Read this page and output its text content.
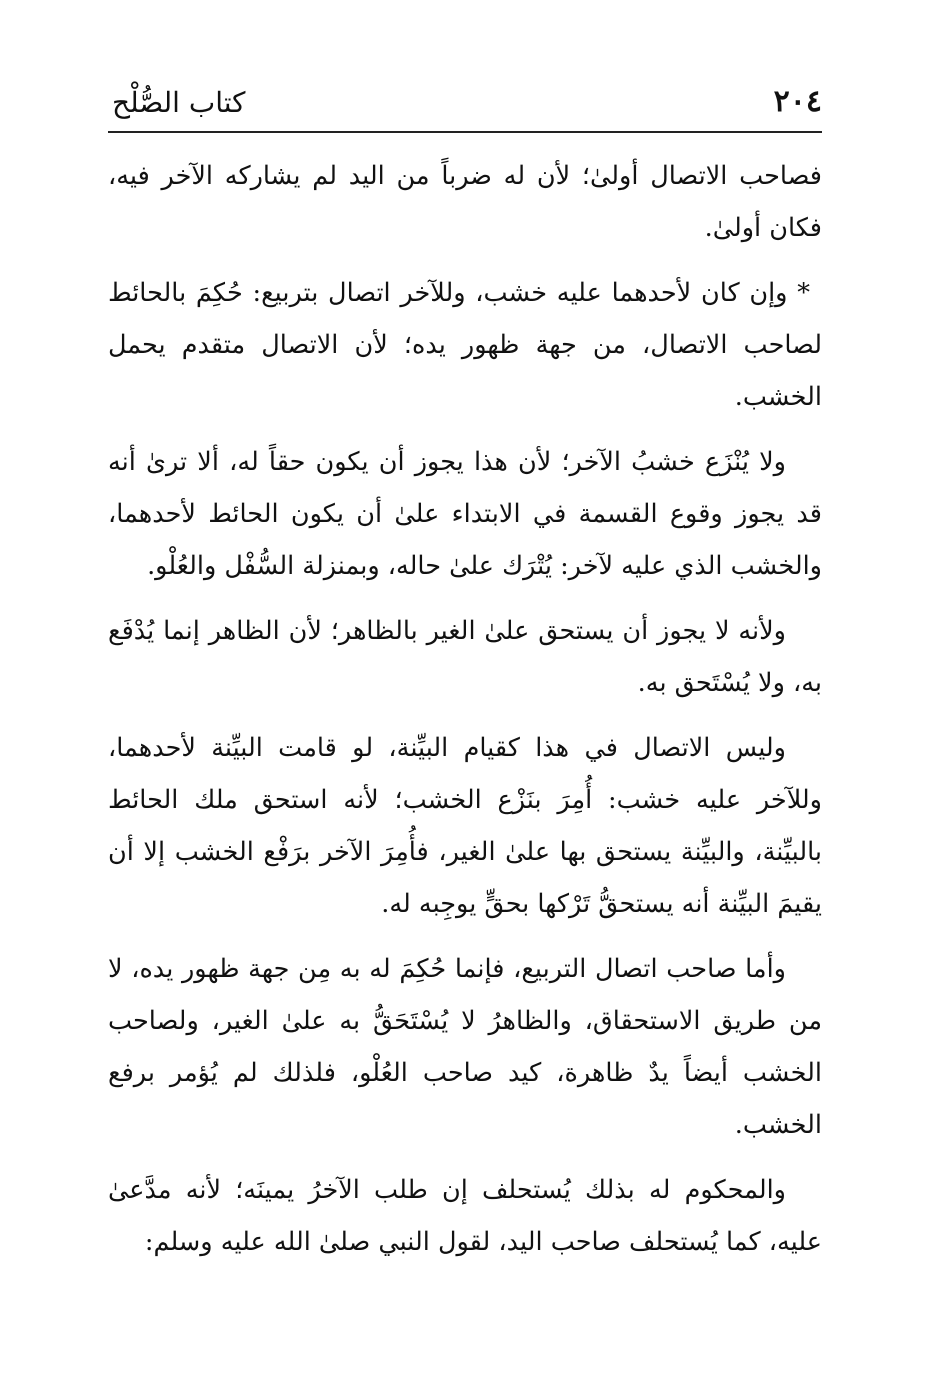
٢٠٤
كتاب الصُّلْح

فصاحب الاتصال أولىٰ؛ لأن له ضرباً من اليد لم يشاركه الآخر فيه، فكان أولىٰ.

* وإن كان لأحدهما عليه خشب، وللآخر اتصال بتربيع: حُكِمَ بالحائط لصاحب الاتصال، من جهة ظهور يده؛ لأن الاتصال متقدم يحمل الخشب.

ولا يُنْزَع خشبُ الآخر؛ لأن هذا يجوز أن يكون حقاً له، ألا ترىٰ أنه قد يجوز وقوع القسمة في الابتداء علىٰ أن يكون الحائط لأحدهما، والخشب الذي عليه لآخر: يُتْرَك علىٰ حاله، وبمنزلة السُّفْل والعُلْو.

ولأنه لا يجوز أن يستحق علىٰ الغير بالظاهر؛ لأن الظاهر إنما يُدْفَع به، ولا يُسْتَحق به.

وليس الاتصال في هذا كقيام البيِّنة، لو قامت البيِّنة لأحدهما، وللآخر عليه خشب: أُمِرَ بنَزْع الخشب؛ لأنه استحق ملك الحائط بالبيِّنة، والبيِّنة يستحق بها علىٰ الغير، فأُمِرَ الآخر برَفْع الخشب إلا أن يقيمَ البيِّنة أنه يستحقُّ تَرْكها بحقٍّ يوجِبه له.

وأما صاحب اتصال التربيع، فإنما حُكِمَ له به مِن جهة ظهور يده، لا من طريق الاستحقاق، والظاهرُ لا يُسْتَحَقُّ به علىٰ الغير، ولصاحب الخشب أيضاً يدٌ ظاهرة، كيد صاحب العُلْو، فلذلك لم يُؤمر برفع الخشب.

والمحكوم له بذلك يُستحلف إن طلب الآخرُ يمينَه؛ لأنه مدَّعىٰ عليه، كما يُستحلف صاحب اليد، لقول النبي صلىٰ الله عليه وسلم:
